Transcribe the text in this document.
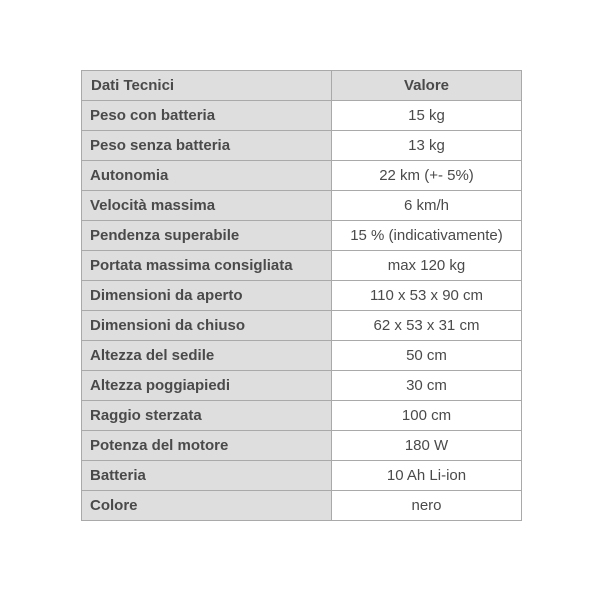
Dati Tecnici	Valore
Peso con batteria	15 kg
Peso senza batteria	13 kg
Autonomia	22 km (+- 5%)
Velocità massima	6 km/h
Pendenza superabile	15 % (indicativamente)
Portata massima consigliata	max 120 kg
Dimensioni da aperto	110 x 53 x 90 cm
Dimensioni da chiuso	62 x 53 x 31 cm
Altezza del sedile	50 cm
Altezza poggiapiedi	30 cm
Raggio sterzata	100 cm
Potenza del motore	180 W
Batteria	10 Ah Li-ion
Colore	nero
